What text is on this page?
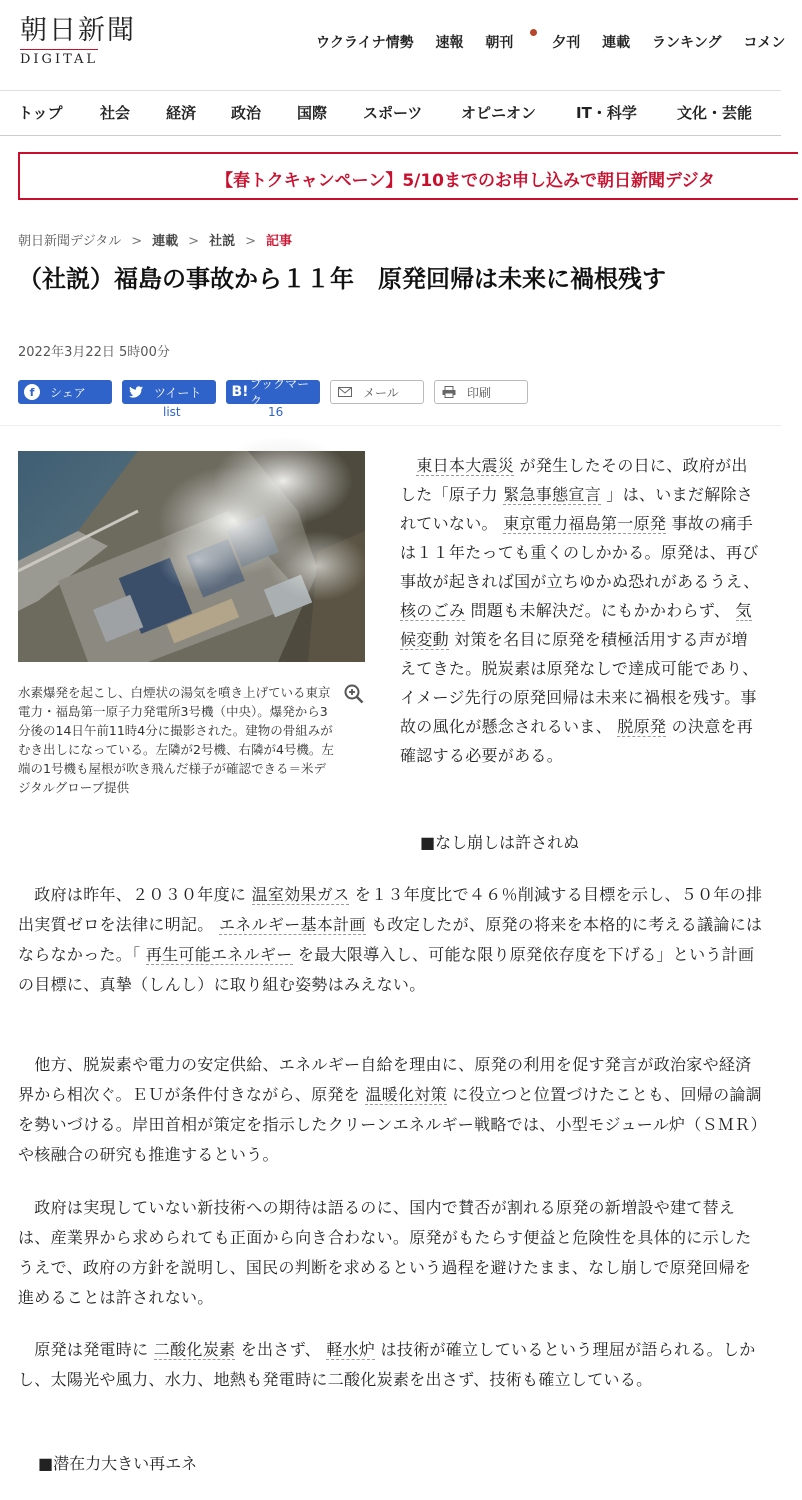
朝日新聞
DIGITAL
ウクライナ情勢 速報 朝刊	夕刊 連載 ランキング コメン
トップ 社会 経済 政治 国際 スポーツ	オピニオン	IT・科学	文化・芸能
【春トクキャンペーン】5/10までのお申し込みで朝日新聞デジタ
朝日新聞デジタル > 連載 > 社説 > 記事
（社説）福島の事故から１１年　原発回帰は未来に禍根残す
2022年3月22日 5時00分
f	シェア	ツイート B! ブックマーク
メール	印刷
list	16

水素爆発を起こし、白煙状の湯気を噴き上げている東京電力・福島第一原子力発電所3号機（中央）。爆発から3分後の14日午前11時4分に撮影された。建物の骨組みがむき出しになっている。左隣が2号機、右隣が4号機。左端の1号機も屋根が吹き飛んだ様子が確認できる＝米デジタルグローブ提供

　東日本大震災 が発生したその日に、政府が出した「原子力 緊急事態宣言 」は、いまだ解除されていない。 東京電力福島第一原発 事故の痛手は１１年たっても重くのしかかる。原発は、再び事故が起きれば国が立ちゆかぬ恐れがあるうえ、 核のごみ 問題も未解決だ。にもかかわらず、 気候変動 対策を名目に原発を積極活用する声が増えてきた。脱炭素は原発なしで達成可能であり、イメージ先行の原発回帰は未来に禍根を残す。事故の風化が懸念されるいま、 脱原発 の決意を再確認する必要がある。

■なし崩しは許されぬ

　政府は昨年、２０３０年度に 温室効果ガス を１３年度比で４６％削減する目標を示し、５０年の排出実質ゼロを法律に明記。 エネルギー基本計画 も改定したが、原発の将来を本格的に考える議論にはならなかった。「 再生可能エネルギー を最大限導入し、可能な限り原発依存度を下げる」という計画の目標に、真摯（しんし）に取り組む姿勢はみえない。

　他方、脱炭素や電力の安定供給、エネルギー自給を理由に、原発の利用を促す発言が政治家や経済界から相次ぐ。ＥＵが条件付きながら、原発を 温暖化対策 に役立つと位置づけたことも、回帰の論調を勢いづける。岸田首相が策定を指示したクリーンエネルギー戦略では、小型モジュール炉（ＳＭＲ）や核融合の研究も推進するという。

　政府は実現していない新技術への期待は語るのに、国内で賛否が割れる原発の新増設や建て替えは、産業界から求められても正面から向き合わない。原発がもたらす便益と危険性を具体的に示したうえで、政府の方針を説明し、国民の判断を求めるという過程を避けたまま、なし崩しで原発回帰を進めることは許されない。

　原発は発電時に 二酸化炭素 を出さず、 軽水炉 は技術が確立しているという理屈が語られる。しかし、太陽光や風力、水力、地熱も発電時に二酸化炭素を出さず、技術も確立している。

■潜在力大きい再エネ
